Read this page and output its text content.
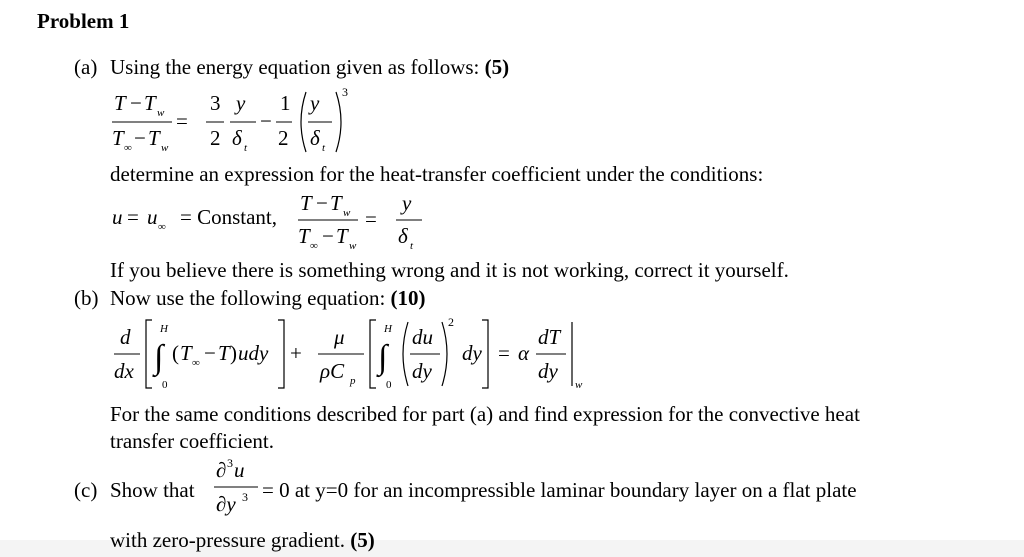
Problem 1
(a) Using the energy equation given as follows: (5)
T − T w
T ∞ − T w
=
3
2
y
δ t
−
1
2
y
δ t
3
determine an expression for the heat-transfer coefficient under the conditions:
u = u ∞ = Constant,
T − T w
T ∞ − T w
=
y
δ t
If you believe there is something wrong and it is not working, correct it yourself.
(b) Now use the following equation: (10)
d
dx
H
∫
0
( T ∞ − T ) udy +
μ
ρC p
H
∫
0
du
dy
2
dy = α
dT
dy
w
For the same conditions described for part (a) and find expression for the convective heat
transfer coefficient.
(c) Show that
∂ 3 u
∂y 3 = 0 at y=0 for an incompressible laminar boundary layer on a flat plate
with zero-pressure gradient. (5)
